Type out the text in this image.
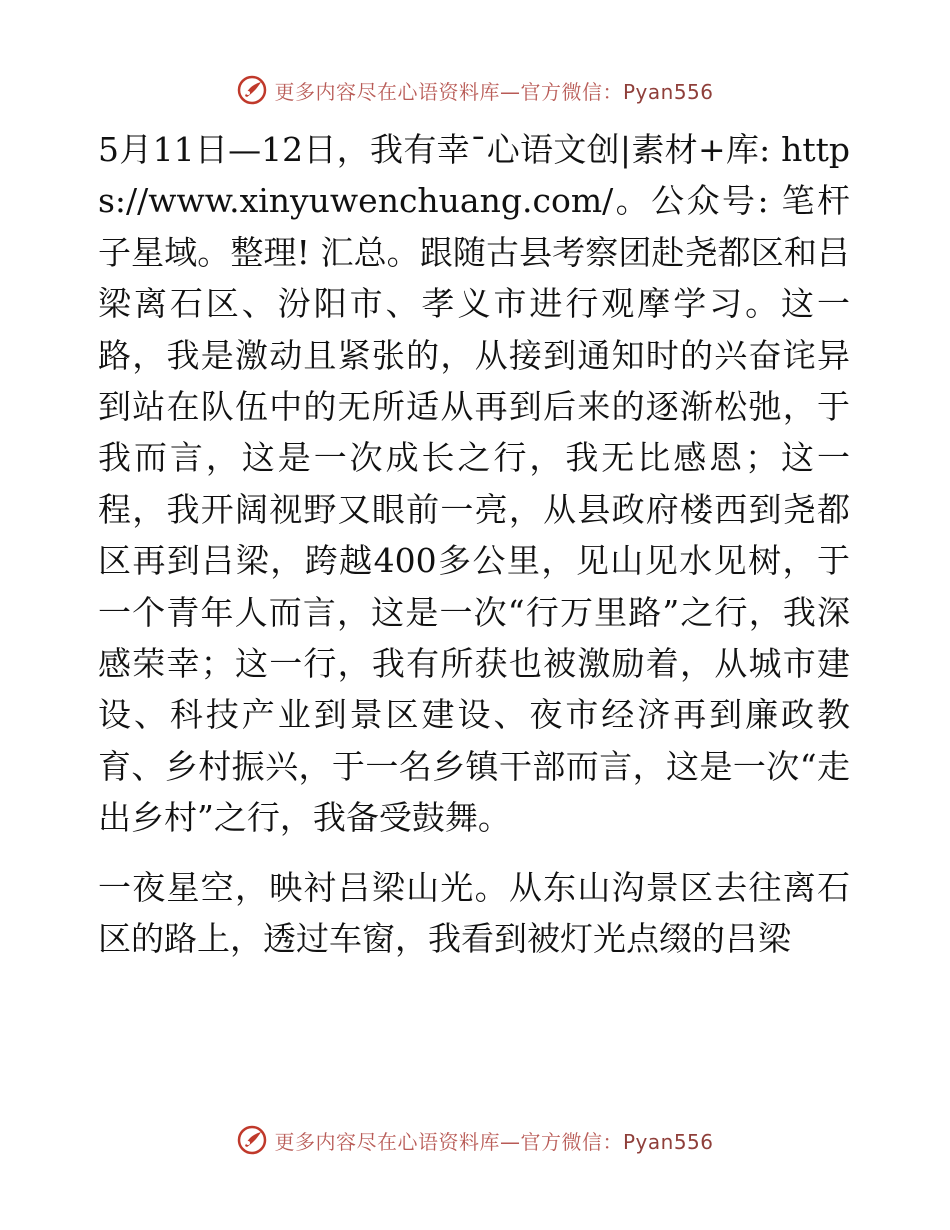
更多内容尽在心语资料库—官方微信：Pyan556

5月11日—12日，我有幸¯心语文创|素材+库: https://www.xinyuwenchuang.com/。公众号: 笔杆子星域。整理! 汇总。跟随古县考察团赴尧都区和吕梁离石区、汾阳市、孝义市进行观摩学习。这一路，我是激动且紧张的，从接到通知时的兴奋诧异到站在队伍中的无所适从再到后来的逐渐松弛，于我而言，这是一次成长之行，我无比感恩；这一程，我开阔视野又眼前一亮，从县政府楼西到尧都区再到吕梁，跨越400多公里，见山见水见树，于一个青年人而言，这是一次“行万里路”之行，我深感荣幸；这一行，我有所获也被激励着，从城市建设、科技产业到景区建设、夜市经济再到廉政教育、乡村振兴，于一名乡镇干部而言，这是一次“走出乡村”之行，我备受鼓舞。

一夜星空，映衬吕梁山光。从东山沟景区去往离石区的路上，透过车窗，我看到被灯光点缀的吕梁

更多内容尽在心语资料库—官方微信：Pyan556
